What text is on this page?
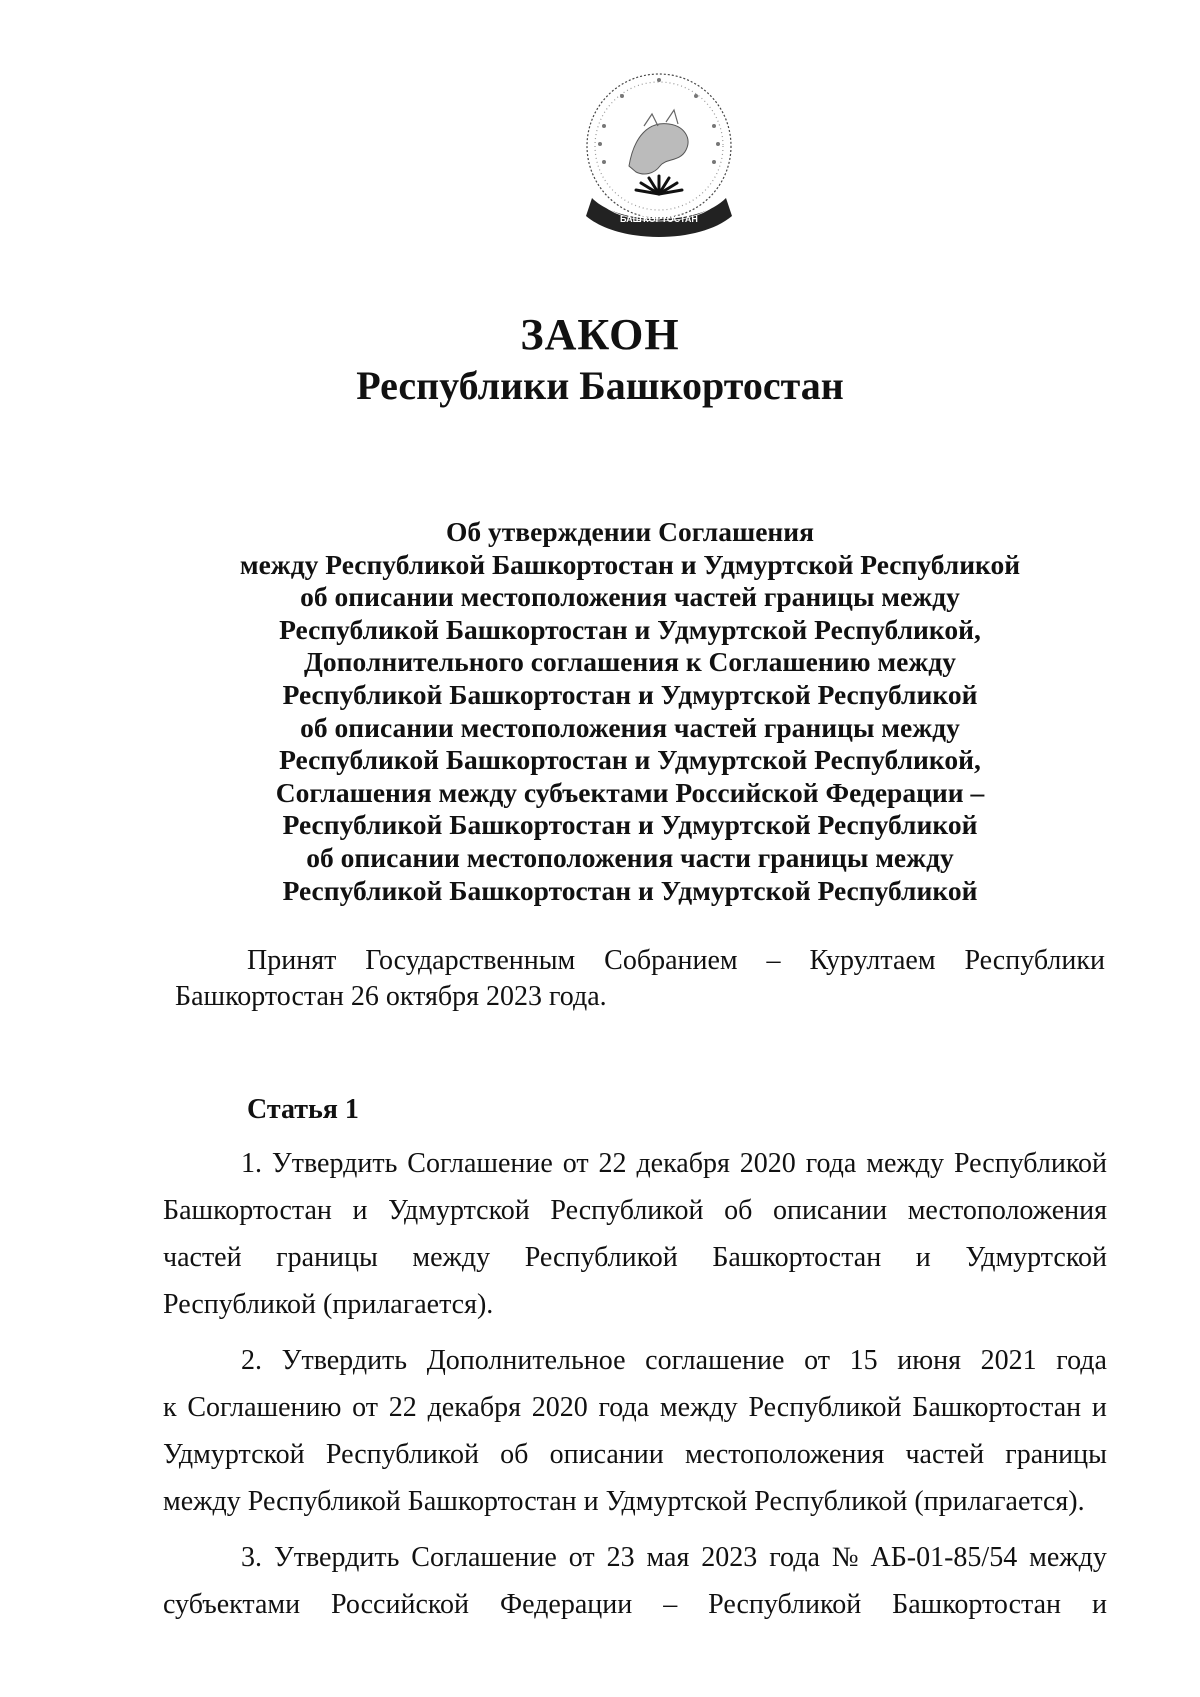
БАШҠОРТОСТАН
ЗАКОН
Республики Башкортостан
Об утверждении Соглашения
между Республикой Башкортостан и Удмуртской Республикой
об описании местоположения частей границы между
Республикой Башкортостан и Удмуртской Республикой,
Дополнительного соглашения к Соглашению между
Республикой Башкортостан и Удмуртской Республикой
об описании местоположения частей границы между
Республикой Башкортостан и Удмуртской Республикой,
Соглашения между субъектами Российской Федерации –
Республикой Башкортостан и Удмуртской Республикой
об описании местоположения части границы между
Республикой Башкортостан и Удмуртской Республикой
Принят Государственным Собранием – Курултаем Республики
Башкортостан 26 октября 2023 года.
Статья 1
1. Утвердить Соглашение от 22 декабря 2020 года между Республикой
Башкортостан и Удмуртской Республикой об описании местоположения
частей границы между Республикой Башкортостан и Удмуртской
Республикой (прилагается).
2. Утвердить Дополнительное соглашение от 15 июня 2021 года
к Соглашению от 22 декабря 2020 года между Республикой Башкортостан и
Удмуртской Республикой об описании местоположения частей границы
между Республикой Башкортостан и Удмуртской Республикой (прилагается).
3. Утвердить Соглашение от 23 мая 2023 года № АБ-01-85/54 между
субъектами Российской Федерации – Республикой Башкортостан и
